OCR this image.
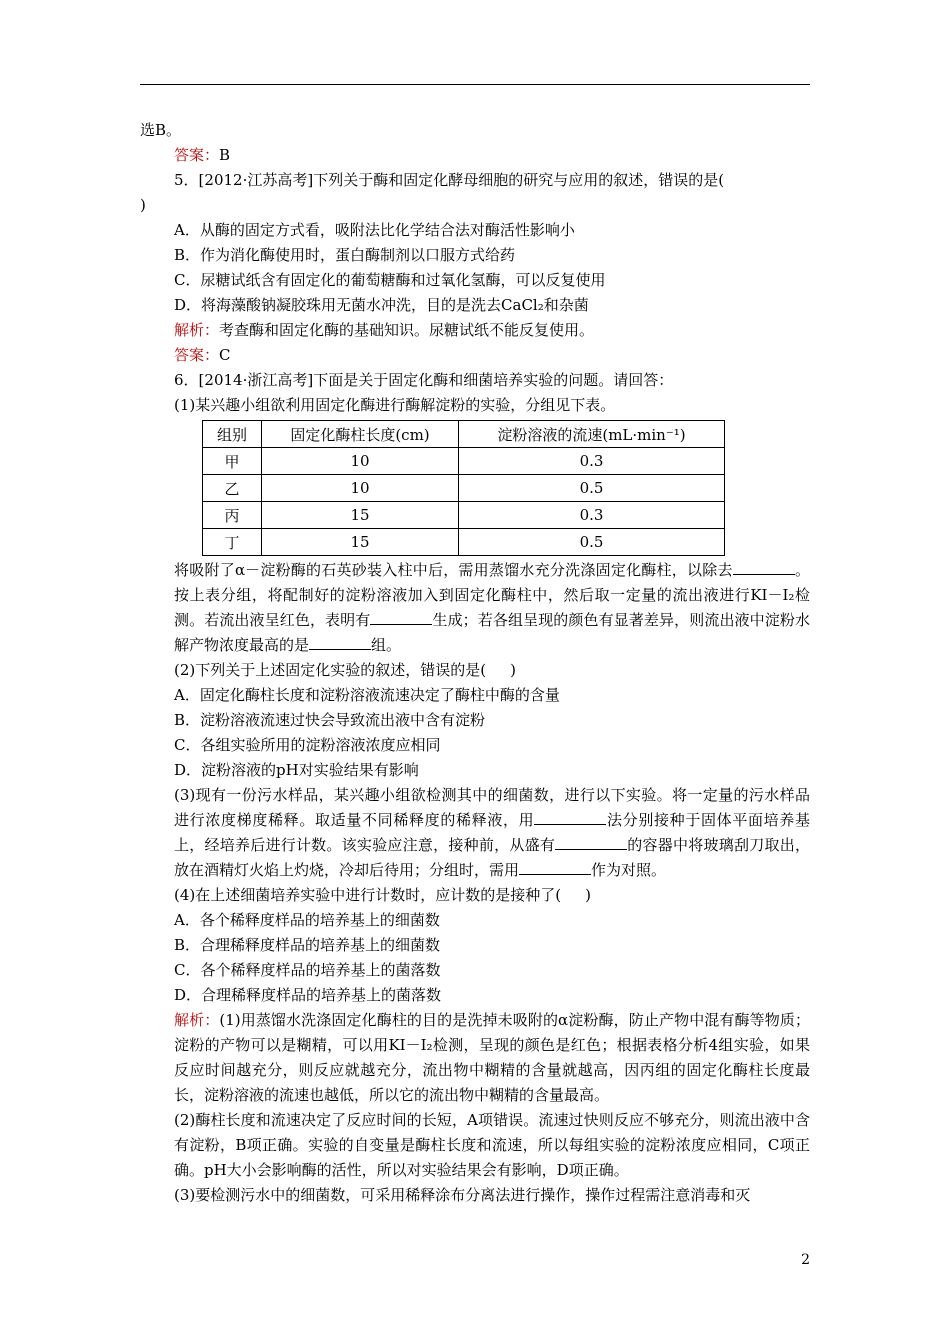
选B。
答案：B
5．[2012·江苏高考]下列关于酶和固定化酵母细胞的研究与应用的叙述，错误的是(
)
A．从酶的固定方式看，吸附法比化学结合法对酶活性影响小
B．作为消化酶使用时，蛋白酶制剂以口服方式给药
C．尿糖试纸含有固定化的葡萄糖酶和过氧化氢酶，可以反复使用
D．将海藻酸钠凝胶珠用无菌水冲洗，目的是洗去CaCl₂和杂菌
解析：考查酶和固定化酶的基础知识。尿糖试纸不能反复使用。
答案：C
6．[2014·浙江高考]下面是关于固定化酶和细菌培养实验的问题。请回答：
(1)某兴趣小组欲利用固定化酶进行酶解淀粉的实验，分组见下表。
组别	固定化酶柱长度(cm)	淀粉溶液的流速(mL·min⁻¹)
甲	10	0.3
乙	10	0.5
丙	15	0.3
丁	15	0.5
将吸附了α－淀粉酶的石英砂装入柱中后，需用蒸馏水充分洗涤固定化酶柱，以除去	。按上表分组，将配制好的淀粉溶液加入到固定化酶柱中，然后取一定量的流出液进行KI－I₂检测。若流出液呈红色，表明有	生成；若各组呈现的颜色有显著差异，则流出液中淀粉水解产物浓度最高的是	组。
(2)下列关于上述固定化实验的叙述，错误的是( )
A．固定化酶柱长度和淀粉溶液流速决定了酶柱中酶的含量
B．淀粉溶液流速过快会导致流出液中含有淀粉
C．各组实验所用的淀粉溶液浓度应相同
D．淀粉溶液的pH对实验结果有影响
(3)现有一份污水样品，某兴趣小组欲检测其中的细菌数，进行以下实验。将一定量的污水样品进行浓度梯度稀释。取适量不同稀释度的稀释液，用	法分别接种于固体平面培养基上，经培养后进行计数。该实验应注意，接种前，从盛有	的容器中将玻璃刮刀取出，放在酒精灯火焰上灼烧，冷却后待用；分组时，需用	作为对照。
(4)在上述细菌培养实验中进行计数时，应计数的是接种了( )
A．各个稀释度样品的培养基上的细菌数
B．合理稀释度样品的培养基上的细菌数
C．各个稀释度样品的培养基上的菌落数
D．合理稀释度样品的培养基上的菌落数
解析：(1)用蒸馏水洗涤固定化酶柱的目的是洗掉未吸附的α淀粉酶，防止产物中混有酶等物质；淀粉的产物可以是糊精，可以用KI－I₂检测，呈现的颜色是红色；根据表格分析4组实验，如果反应时间越充分，则反应就越充分，流出物中糊精的含量就越高，因丙组的固定化酶柱长度最长，淀粉溶液的流速也越低，所以它的流出物中糊精的含量最高。
(2)酶柱长度和流速决定了反应时间的长短，A项错误。流速过快则反应不够充分，则流出液中含有淀粉，B项正确。实验的自变量是酶柱长度和流速，所以每组实验的淀粉浓度应相同，C项正确。pH大小会影响酶的活性，所以对实验结果会有影响，D项正确。
(3)要检测污水中的细菌数，可采用稀释涂布分离法进行操作，操作过程需注意消毒和灭
2
